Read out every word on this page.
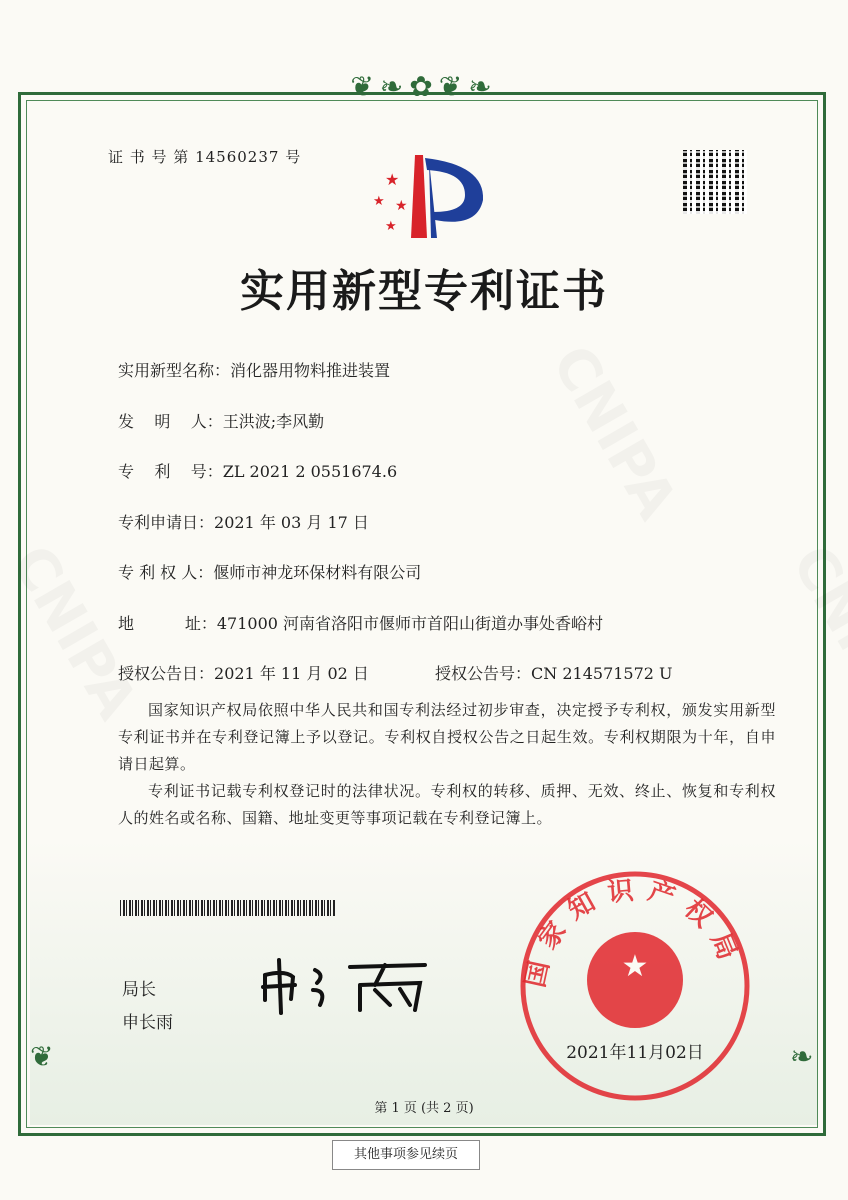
❦❧✿❦❧
❦	❧
证 书 号 第 14560237 号
★
★ ★
★
实用新型专利证书
实用新型名称：消化器用物料推进装置
发    明    人：王洪波;李风勤
专    利    号：ZL 2021 2 0551674.6
专利申请日：2021 年 03 月 17 日
专 利 权 人：偃师市神龙环保材料有限公司
地          址：471000 河南省洛阳市偃师市首阳山街道办事处香峪村
授权公告日：2021 年 11 月 02 日	授权公告号：CN 214571572 U

国家知识产权局依照中华人民共和国专利法经过初步审查，决定授予专利权，颁发实用新型专利证书并在专利登记簿上予以登记。专利权自授权公告之日起生效。专利权期限为十年，自申请日起算。

专利证书记载专利权登记时的法律状况。专利权的转移、质押、无效、终止、恢复和专利权人的姓名或名称、国籍、地址变更等事项记载在专利登记簿上。

局长
申长雨
★
国家知识产权局
2021年11月02日
第 1 页 (共 2 页)
其他事项参见续页
